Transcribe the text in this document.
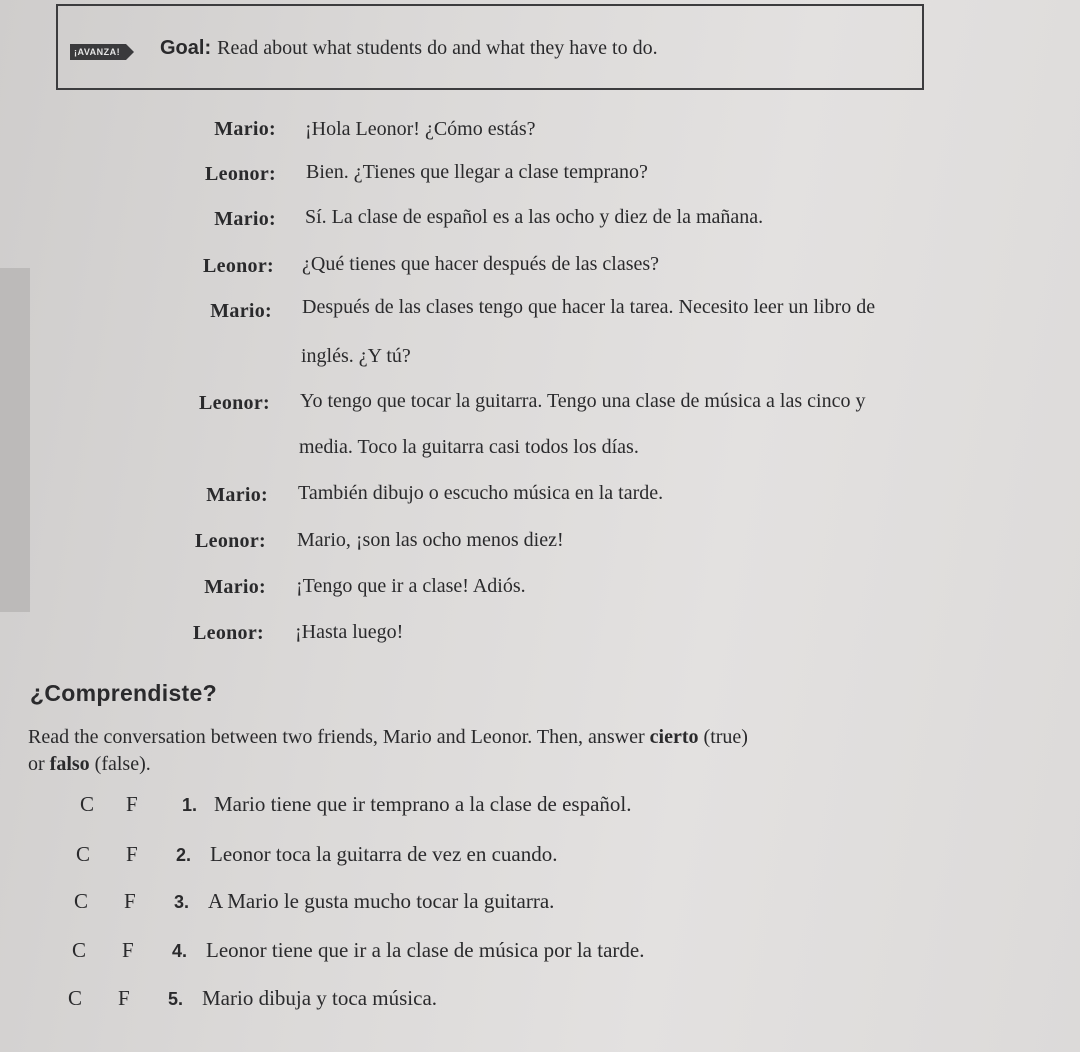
¡AVANZA!	Goal: Read about what students do and what they have to do.
Mario: ¡Hola Leonor! ¿Cómo estás?
Leonor: Bien. ¿Tienes que llegar a clase temprano?
Mario: Sí. La clase de español es a las ocho y diez de la mañana.
Leonor: ¿Qué tienes que hacer después de las clases?
Mario: Después de las clases tengo que hacer la tarea. Necesito leer un libro de
inglés. ¿Y tú?
Leonor: Yo tengo que tocar la guitarra. Tengo una clase de música a las cinco y
media. Toco la guitarra casi todos los días.
Mario: También dibujo o escucho música en la tarde.
Leonor: Mario, ¡son las ocho menos diez!
Mario: ¡Tengo que ir a clase! Adiós.
Leonor: ¡Hasta luego!
¿Comprendiste?
Read the conversation between two friends, Mario and Leonor. Then, answer cierto (true)
or falso (false).
C F 1. Mario tiene que ir temprano a la clase de español.
C F 2. Leonor toca la guitarra de vez en cuando.
C F 3. A Mario le gusta mucho tocar la guitarra.
C F 4. Leonor tiene que ir a la clase de música por la tarde.
C F 5. Mario dibuja y toca música.
